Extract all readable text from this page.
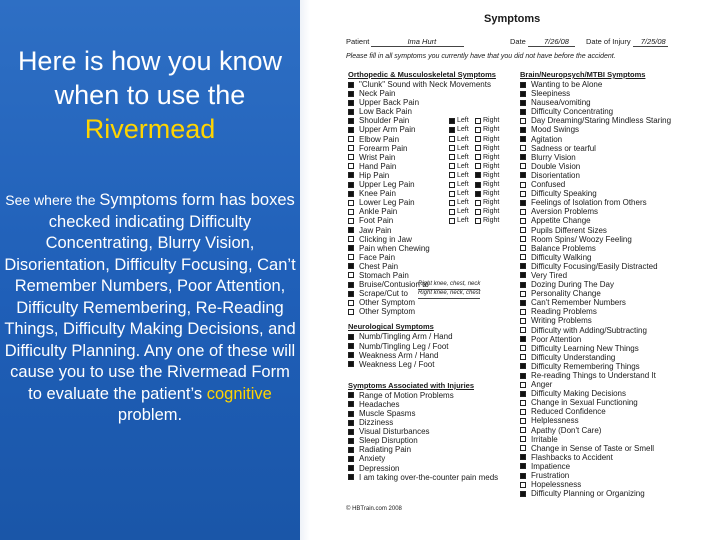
Here is how you know when to use the Rivermead
See where the Symptoms form has boxes checked indicating Difficulty Concentrating, Blurry Vision, Disorientation, Difficulty Focusing, Can’t Remember Numbers, Poor Attention, Difficulty Remembering, Re-Reading Things, Difficulty Making Decisions, and Difficulty Planning. Any one of these will cause you to use the Rivermead Form to evaluate the patient’s cognitive problem.
Symptoms
Patient	Ima Hurt	Date 7/26/08	Date of Injury 7/25/08
Please fill in all symptoms you currently have that you did not have before the accident.
Orthopedic & Musculoskeletal Symptoms
"Clunk" Sound with Neck Movements
Neck Pain
Upper Back Pain
Low Back Pain
Shoulder Pain	Left Right
Upper Arm Pain	Left Right
Elbow Pain	Left Right
Forearm Pain	Left Right
Wrist Pain	Left Right
Hand Pain	Left Right
Hip Pain	Left Right
Upper Leg Pain	Left Right
Knee Pain	Left Right
Lower Leg Pain	Left Right
Ankle Pain	Left Right
Foot Pain	Left Right
Jaw Pain
Clicking in Jaw
Pain when Chewing
Face Pain
Chest Pain
Stomach Pain
Bruise/Contusion to
Right knee, chest, neck
Scrape/Cut to Right knee, neck, chest
Other Symptom
Other Symptom
Neurological Symptoms
Numb/Tingling Arm / Hand
Numb/Tingling Leg / Foot
Weakness Arm / Hand
Weakness Leg / Foot
Symptoms Associated with Injuries
Range of Motion Problems
Headaches
Muscle Spasms
Dizziness
Visual Disturbances
Sleep Disruption
Radiating Pain
Anxiety
Depression
I am taking over-the-counter pain meds
Brain/Neuropsych/MTBI Symptoms
Wanting to be Alone
Sleepiness
Nausea/vomiting
Difficulty Concentrating
Day Dreaming/Staring Mindless Staring
Mood Swings
Agitation
Sadness or tearful
Blurry Vision
Double Vision
Disorientation
Confused
Difficulty Speaking
Feelings of Isolation from Others
Aversion Problems
Appetite Change
Pupils Different Sizes
Room Spins/ Woozy Feeling
Balance Problems
Difficulty Walking
Difficulty Focusing/Easily Distracted
Very Tired
Dozing During The Day
Personality Change
Can't Remember Numbers
Reading Problems
Writing Problems
Difficulty with Adding/Subtracting
Poor Attention
Difficulty Learning New Things
Difficulty Understanding
Difficulty Remembering Things
Re-reading Things to Understand It
Anger
Difficulty Making Decisions
Change in Sexual Functioning
Reduced Confidence
Helplessness
Apathy (Don't Care)
Irritable
Change in Sense of Taste or Smell
Flashbacks to Accident
Impatience
Frustration
Hopelessness
Difficulty Planning or Organizing
© HBTrain.com 2008
